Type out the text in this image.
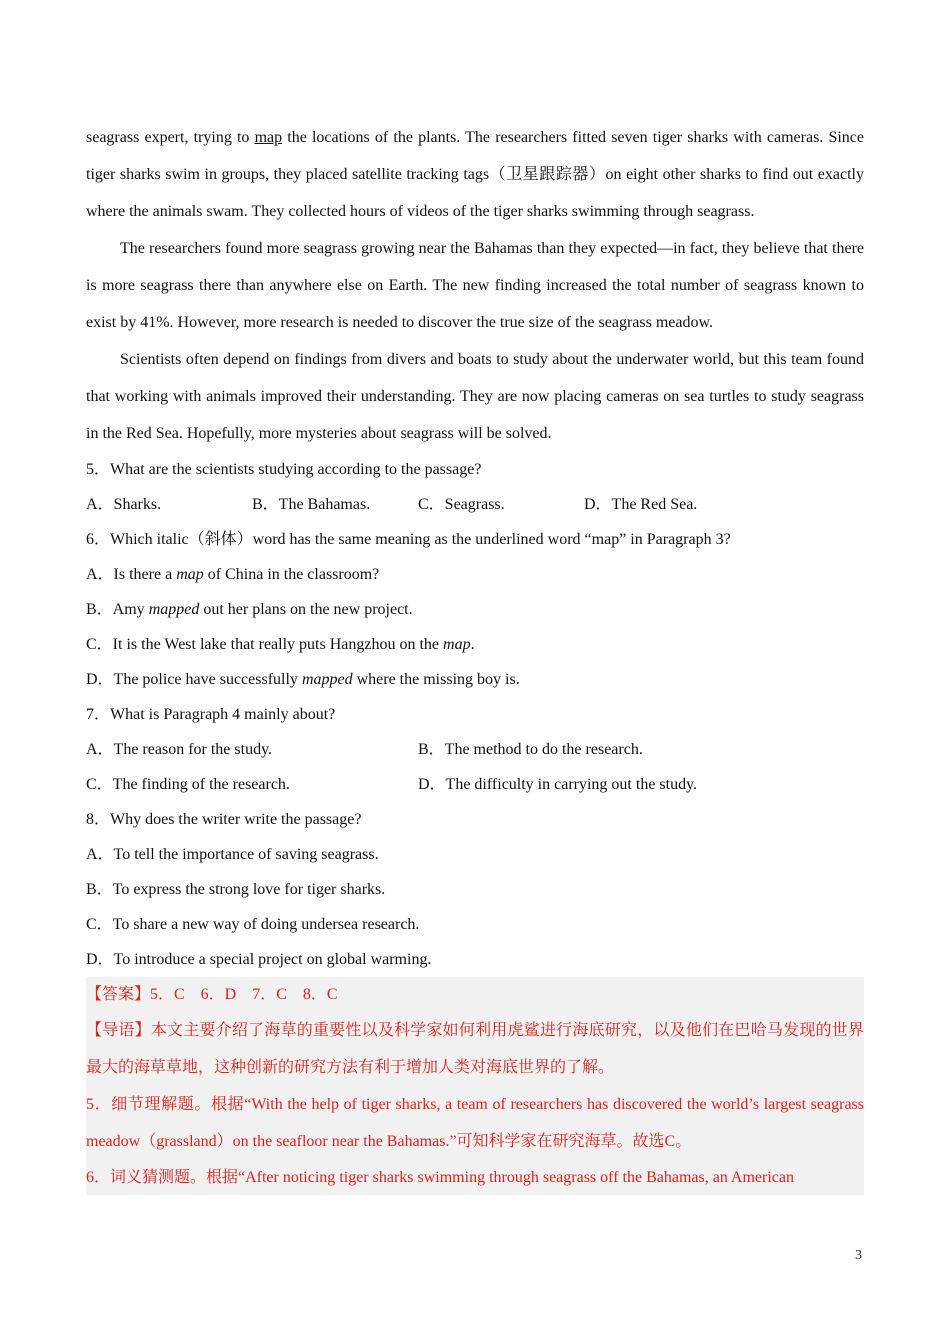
seagrass expert, trying to map the locations of the plants. The researchers fitted seven tiger sharks with cameras. Since tiger sharks swim in groups, they placed satellite tracking tags（卫星跟踪器）on eight other sharks to find out exactly where the animals swam. They collected hours of videos of the tiger sharks swimming through seagrass.

The researchers found more seagrass growing near the Bahamas than they expected—in fact, they believe that there is more seagrass there than anywhere else on Earth. The new finding increased the total number of seagrass known to exist by 41%. However, more research is needed to discover the true size of the seagrass meadow.

Scientists often depend on findings from divers and boats to study about the underwater world, but this team found that working with animals improved their understanding. They are now placing cameras on sea turtles to study seagrass in the Red Sea. Hopefully, more mysteries about seagrass will be solved.

5．What are the scientists studying according to the passage?

A．Sharks.	B．The Bahamas.	C．Seagrass.	D．The Red Sea.

6．Which italic（斜体）word has the same meaning as the underlined word “map” in Paragraph 3?

A．Is there a map of China in the classroom?

B．Amy mapped out her plans on the new project.

C．It is the West lake that really puts Hangzhou on the map.

D．The police have successfully mapped where the missing boy is.

7．What is Paragraph 4 mainly about?

A．The reason for the study.	B．The method to do the research.
C．The finding of the research.	D．The difficulty in carrying out the study.

8．Why does the writer write the passage?

A．To tell the importance of saving seagrass.

B．To express the strong love for tiger sharks.

C．To share a new way of doing undersea research.

D．To introduce a special project on global warming.

【答案】5．C　6．D　7．C　8．C

【导语】本文主要介绍了海草的重要性以及科学家如何利用虎鲨进行海底研究，以及他们在巴哈马发现的世界最大的海草草地，这种创新的研究方法有利于增加人类对海底世界的了解。

5．细节理解题。根据“With the help of tiger sharks, a team of researchers has discovered the world’s largest seagrass meadow（grassland）on the seafloor near the Bahamas.”可知科学家在研究海草。故选C。

6．词义猜测题。根据“After noticing tiger sharks swimming through seagrass off the Bahamas, an American

3
